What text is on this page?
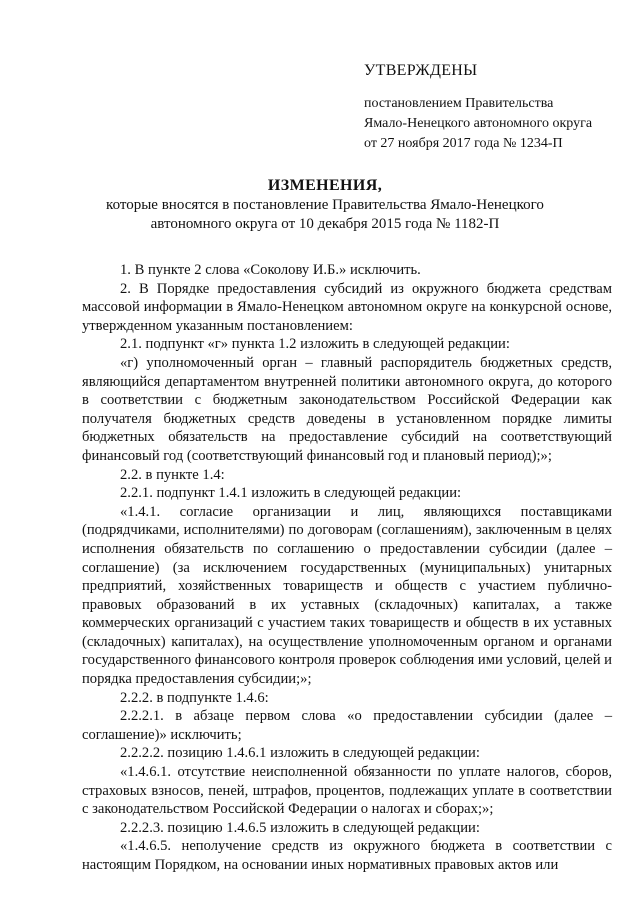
УТВЕРЖДЕНЫ
постановлением Правительства
Ямало-Ненецкого автономного округа
от 27 ноября 2017 года № 1234-П
ИЗМЕНЕНИЯ,
которые вносятся в постановление Правительства Ямало-Ненецкого
автономного округа от 10 декабря 2015 года № 1182-П

1. В пункте 2 слова «Соколову И.Б.» исключить.

2. В Порядке предоставления субсидий из окружного бюджета средствам массовой информации в Ямало-Ненецком автономном округе на конкурсной основе, утвержденном указанным постановлением:

2.1. подпункт «г» пункта 1.2 изложить в следующей редакции:

«г) уполномоченный орган – главный распорядитель бюджетных средств, являющийся департаментом внутренней политики автономного округа, до которого в соответствии с бюджетным законодательством Российской Федерации как получателя бюджетных средств доведены в установленном порядке лимиты бюджетных обязательств на предоставление субсидий на соответствующий финансовый год (соответствующий финансовый год и плановый период);»;

2.2. в пункте 1.4:

2.2.1. подпункт 1.4.1 изложить в следующей редакции:

«1.4.1. согласие организации и лиц, являющихся поставщиками (подрядчиками, исполнителями) по договорам (соглашениям), заключенным в целях исполнения обязательств по соглашению о предоставлении субсидии (далее – соглашение) (за исключением государственных (муниципальных) унитарных предприятий, хозяйственных товариществ и обществ с участием публично-правовых образований в их уставных (складочных) капиталах, а также коммерческих организаций с участием таких товариществ и обществ в их уставных (складочных) капиталах), на осуществление уполномоченным органом и органами государственного финансового контроля проверок соблюдения ими условий, целей и порядка предоставления субсидии;»;

2.2.2. в подпункте 1.4.6:

2.2.2.1. в абзаце первом слова «о предоставлении субсидии (далее – соглашение)» исключить;

2.2.2.2. позицию 1.4.6.1 изложить в следующей редакции:

«1.4.6.1. отсутствие неисполненной обязанности по уплате налогов, сборов, страховых взносов, пеней, штрафов, процентов, подлежащих уплате в соответствии с законодательством Российской Федерации о налогах и сборах;»;

2.2.2.3. позицию 1.4.6.5 изложить в следующей редакции:

«1.4.6.5. неполучение средств из окружного бюджета в соответствии с настоящим Порядком, на основании иных нормативных правовых актов или
